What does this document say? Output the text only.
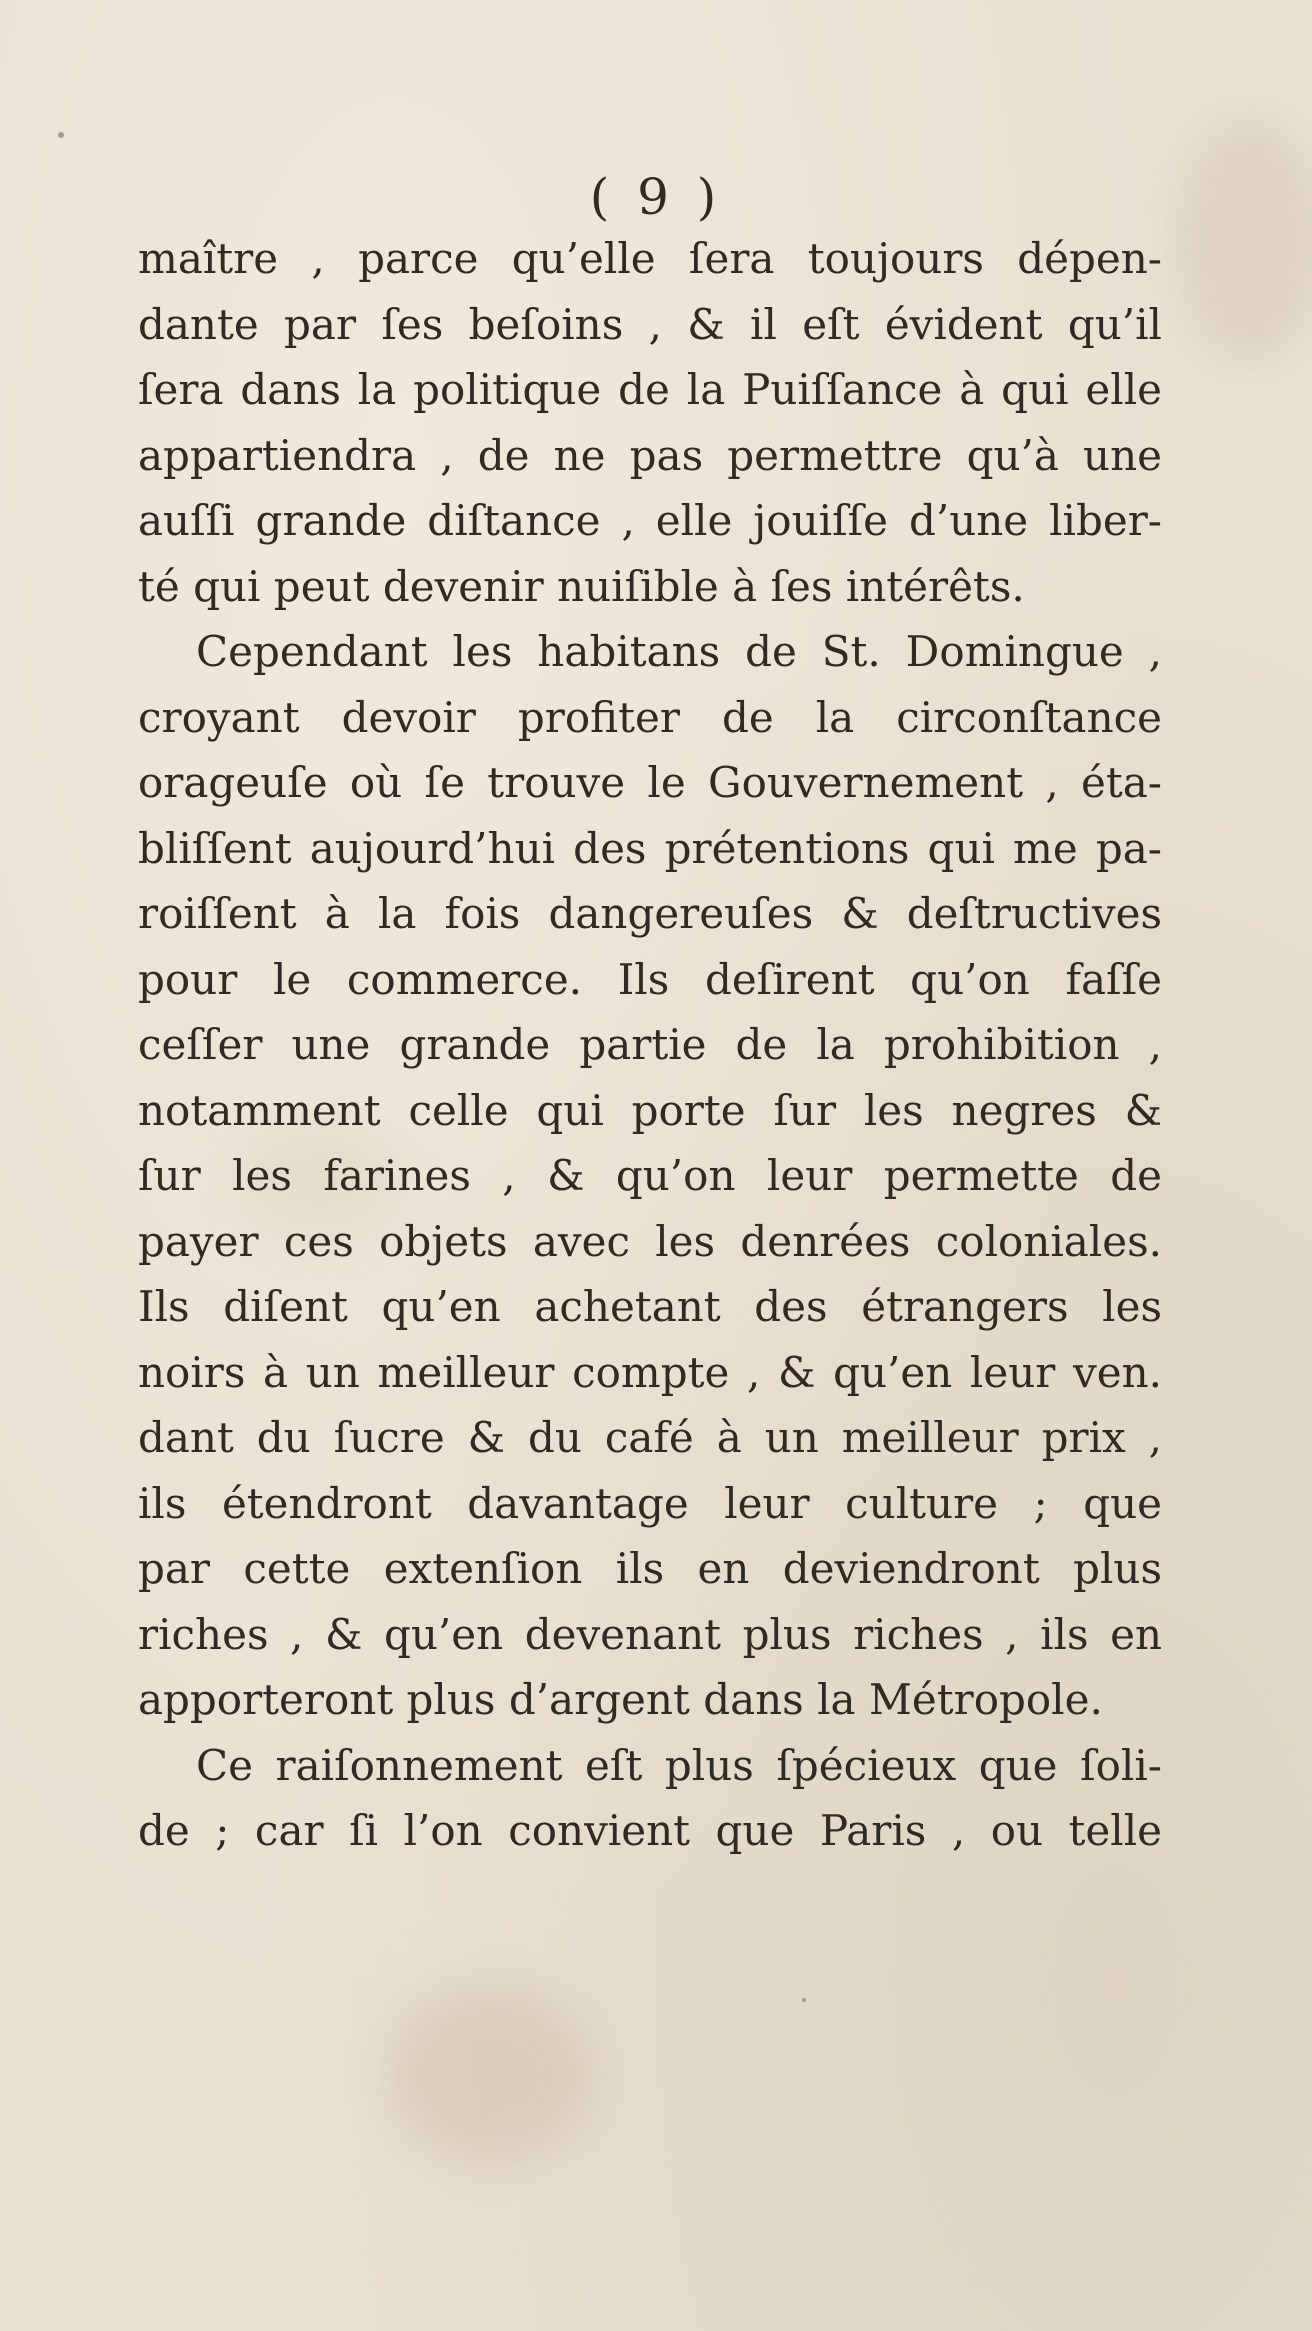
( 9 )
maître , parce qu’elle ſera toujours dépen-
dante par ſes beſoins , & il eſt évident qu’il
ſera dans la politique de la Puiſſance à qui elle
appartiendra , de ne pas permettre qu’à une
auſſi grande diſtance , elle jouiſſe d’une liber-
té qui peut devenir nuiſible à ſes intérêts.
Cependant les habitans de St. Domingue ,
croyant devoir profiter de la circonſtance
orageuſe où ſe trouve le Gouvernement , éta-
bliſſent aujourd’hui des prétentions qui me pa-
roiſſent à la fois dangereuſes & deſtructives
pour le commerce. Ils deſirent qu’on faſſe
ceſſer une grande partie de la prohibition ,
notamment celle qui porte ſur les negres &
ſur les farines , & qu’on leur permette de
payer ces objets avec les denrées coloniales.
Ils diſent qu’en achetant des étrangers les
noirs à un meilleur compte , & qu’en leur ven.
dant du ſucre & du café à un meilleur prix ,
ils étendront davantage leur culture ; que
par cette extenſion ils en deviendront plus
riches , & qu’en devenant plus riches , ils en
apporteront plus d’argent dans la Métropole.
Ce raiſonnement eſt plus ſpécieux que ſoli-
de ; car ſi l’on convient que Paris , ou telle
